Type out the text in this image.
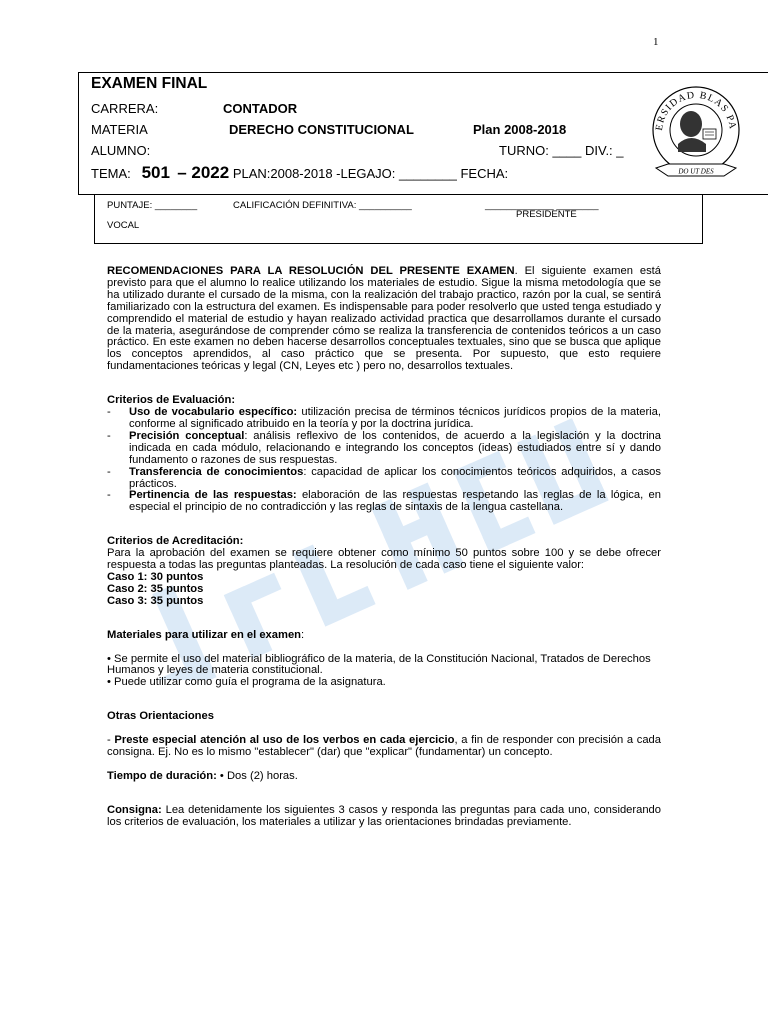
1
EXAMEN FINAL
CARRERA:	CONTADOR
MATERIA	DERECHO CONSTITUCIONAL	Plan 2008-2018
ALUMNO:	TURNO: ____ DIV.: _
TEMA: 501 – 2022 PLAN:2008-2018 -LEGAJO: ________ FECHA:
ERSIDAD BLAS PA
DO UT DES
PUNTAJE: ________	CALIFICACIÓN DEFINITIVA: __________	_____________ ________
PRESIDENTE
VOCAL

RECOMENDACIONES PARA LA RESOLUCIÓN DEL PRESENTE EXAMEN. El siguiente examen está previsto para que el alumno lo realice utilizando los materiales de estudio. Sigue la misma metodología que se ha utilizado durante el cursado de la misma, con la realización del trabajo practico, razón por la cual, se sentirá familiarizado con la estructura del examen. Es indispensable para poder resolverlo que usted tenga estudiado y comprendido el material de estudio y hayan realizado actividad practica que desarrollamos durante el cursado de la materia, asegurándose de comprender cómo se realiza la transferencia de contenidos teóricos a un caso práctico. En este examen no deben hacerse desarrollos conceptuales textuales, sino que se busca que aplique los conceptos aprendidos, al caso práctico que se presenta. Por supuesto, que esto requiere fundamentaciones teóricas y legal (CN, Leyes etc ) pero no, desarrollos textuales.

Criterios de Evaluación:

-	Uso de vocabulario específico: utilización precisa de términos técnicos jurídicos propios de la materia, conforme al significado atribuido en la teoría y por la doctrina jurídica.
-	Precisión conceptual: análisis reflexivo de los contenidos, de acuerdo a la legislación y la doctrina indicada en cada módulo, relacionando e integrando los conceptos (ideas) estudiados entre sí y dando fundamento o razones de sus respuestas.
-	Transferencia de conocimientos: capacidad de aplicar los conocimientos teóricos adquiridos, a casos prácticos.
-	Pertinencia de las respuestas: elaboración de las respuestas respetando las reglas de la lógica, en especial el principio de no contradicción y las reglas de sintaxis de la lengua castellana.

Criterios de Acreditación:

Para la aprobación del examen se requiere obtener como mínimo 50 puntos sobre 100 y se debe ofrecer respuesta a todas las preguntas planteadas. La resolución de cada caso tiene el siguiente valor:

Caso 1: 30 puntos

Caso 2: 35 puntos

Caso 3: 35 puntos

Materiales para utilizar en el examen:

• Se permite el uso del material bibliográfico de la materia, de la Constitución Nacional, Tratados de Derechos Humanos y leyes de materia constitucional.

• Puede utilizar como guía el programa de la asignatura.

Otras Orientaciones

- Preste especial atención al uso de los verbos en cada ejercicio, a fin de responder con precisión a cada consigna. Ej. No es lo mismo "establecer" (dar) que "explicar" (fundamentar) un concepto.

Tiempo de duración: • Dos (2) horas.

Consigna: Lea detenidamente los siguientes 3 casos y responda las preguntas para cada uno, considerando los criterios de evaluación, los materiales a utilizar y las orientaciones brindadas previamente.
